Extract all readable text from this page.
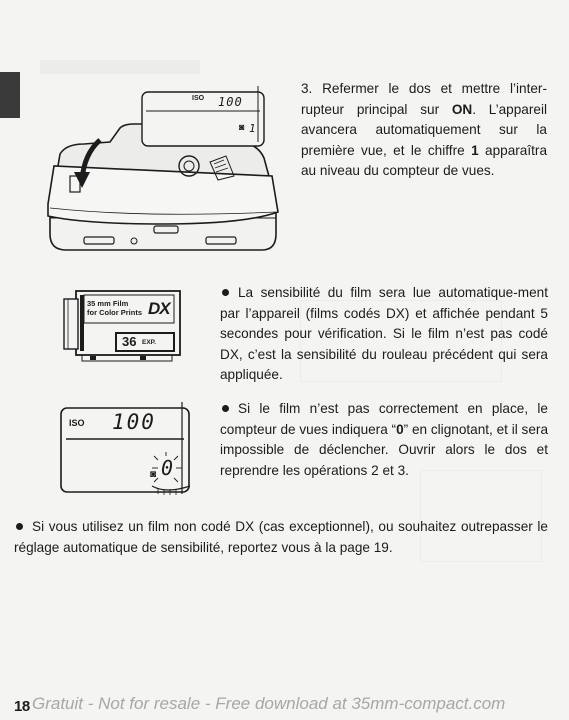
ISO 100
◙ 1
35 mm Film
for Color Prints DX
36 EXP.
ISO 100
◙ 0

3. Refermer le dos et mettre l’inter-rupteur principal sur ON. L’appareil avancera automatiquement sur la première vue, et le chiffre 1 apparaîtra au niveau du compteur de vues.

La sensibilité du film sera lue automatique-ment par l’appareil (films codés DX) et affichée pendant 5 secondes pour vérification. Si le film n’est pas codé DX, c’est la sensibilité du rouleau précédent qui sera appliquée.

Si le film n’est pas correctement en place, le compteur de vues indiquera “0” en clignotant, et il sera impossible de déclencher. Ouvrir alors le dos et reprendre les opérations 2 et 3.

Si vous utilisez un film non codé DX (cas exceptionnel), ou souhaitez outrepasser le réglage automatique de sensibilité, reportez vous à la page 19.

18 Gratuit - Not for resale - Free download at 35mm-compact.com
